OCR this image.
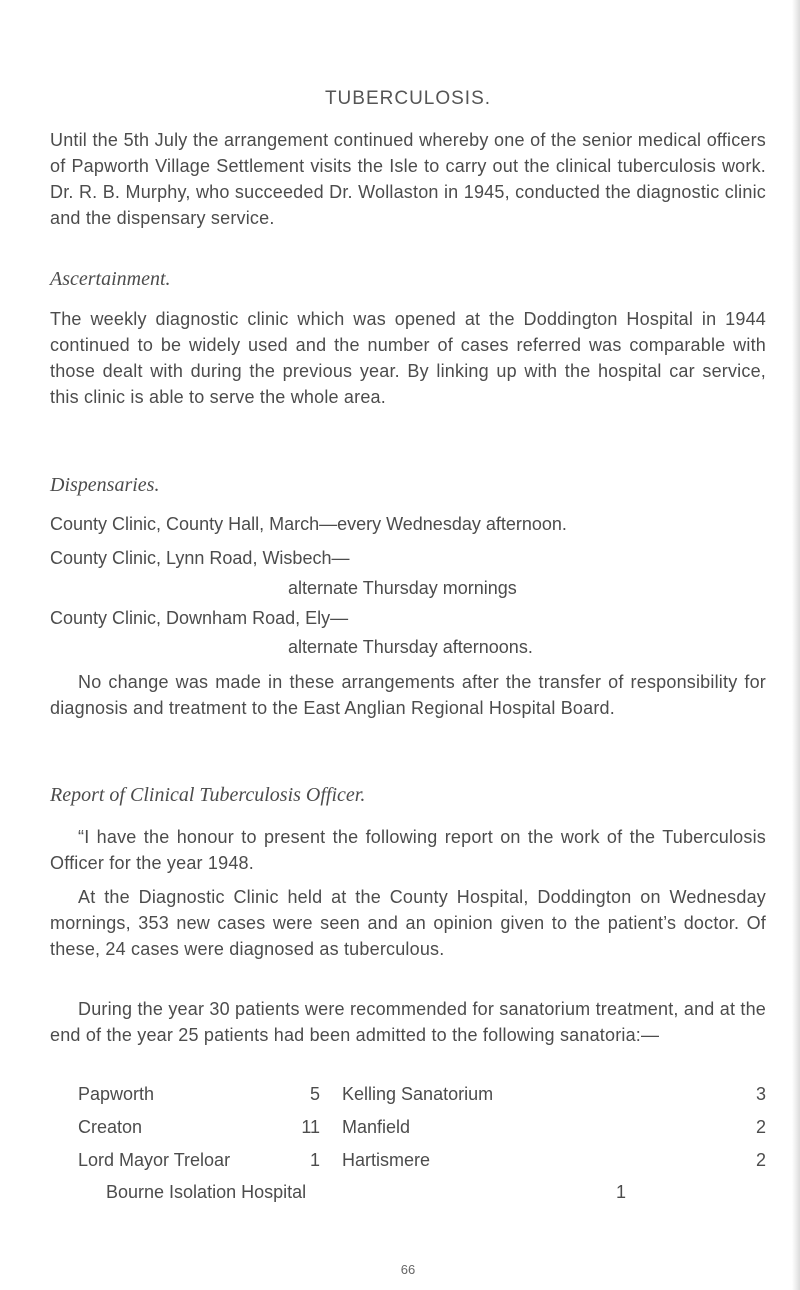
TUBERCULOSIS.

Until the 5th July the arrangement continued whereby one of the senior medical officers of Papworth Village Settlement visits the Isle to carry out the clinical tuberculosis work. Dr. R. B. Murphy, who succeeded Dr. Wollaston in 1945, conducted the diagnostic clinic and the dispensary service.

Ascertainment.

The weekly diagnostic clinic which was opened at the Doddington Hospital in 1944 continued to be widely used and the number of cases referred was comparable with those dealt with during the previous year. By linking up with the hospital car service, this clinic is able to serve the whole area.

Dispensaries.
County Clinic, County Hall, March—every Wednesday afternoon.
County Clinic, Lynn Road, Wisbech—
alternate Thursday mornings
County Clinic, Downham Road, Ely—
alternate Thursday afternoons.

No change was made in these arrangements after the transfer of responsibility for diagnosis and treatment to the East Anglian Regional Hospital Board.

Report of Clinical Tuberculosis Officer.

“I have the honour to present the following report on the work of the Tuberculosis Officer for the year 1948.

At the Diagnostic Clinic held at the County Hospital, Doddington on Wednesday mornings, 353 new cases were seen and an opinion given to the patient’s doctor. Of these, 24 cases were diagnosed as tuberculous.

During the year 30 patients were recommended for sanatorium treatment, and at the end of the year 25 patients had been admitted to the following sanatoria:—

Papworth	5 Kelling Sanatorium	3
Creaton	11 Manfield	2
Lord Mayor Treloar	1 Hartismere	2
Bourne Isolation Hospital	1
66
